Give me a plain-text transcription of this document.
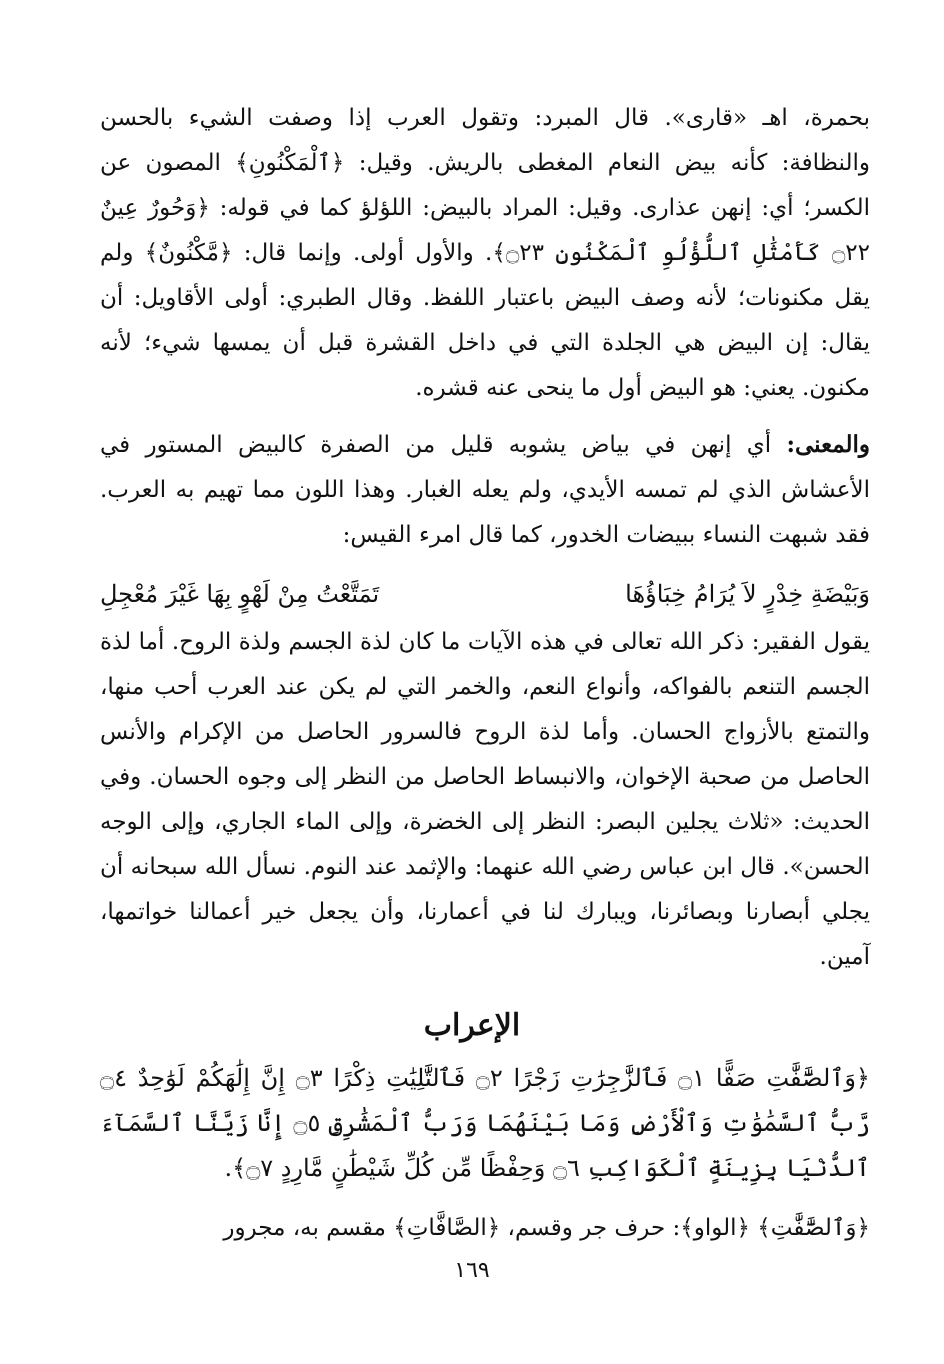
بحمرة، اهـ «قارى». قال المبرد: وتقول العرب إذا وصفت الشيء بالحسن والنظافة: كأنه بيض النعام المغطى بالريش. وقيل: ﴿ٱلْمَكْنُونِ﴾ المصون عن الكسر؛ أي: إنهن عذارى. وقيل: المراد بالبيض: اللؤلؤ كما في قوله: ﴿وَحُورٌ عِينٌ ۝٢٢ كَأَمْثَٰلِ ٱللُّؤْلُوِ ٱلْمَكْنُونِ ۝٢٣﴾. والأول أولى. وإنما قال: ﴿مَّكْنُونٌ﴾ ولم يقل مكنونات؛ لأنه وصف البيض باعتبار اللفظ. وقال الطبري: أولى الأقاويل: أن يقال: إن البيض هي الجلدة التي في داخل القشرة قبل أن يمسها شيء؛ لأنه مكنون. يعني: هو البيض أول ما ينحى عنه قشره.

والمعنى: أي إنهن في بياض يشوبه قليل من الصفرة كالبيض المستور في الأعشاش الذي لم تمسه الأيدي، ولم يعله الغبار. وهذا اللون مما تهيم به العرب. فقد شبهت النساء ببيضات الخدور، كما قال امرء القيس:

وَبَيْضَةِ خِدْرٍ لاَ يُرَامُ خِبَاؤُهَا
تَمَتَّعْتُ مِنْ لَهْوٍ بِهَا غَيْرَ مُعْجِلِ

يقول الفقير: ذكر الله تعالى في هذه الآيات ما كان لذة الجسم ولذة الروح. أما لذة الجسم التنعم بالفواكه، وأنواع النعم، والخمر التي لم يكن عند العرب أحب منها، والتمتع بالأزواج الحسان. وأما لذة الروح فالسرور الحاصل من الإكرام والأنس الحاصل من صحبة الإخوان، والانبساط الحاصل من النظر إلى وجوه الحسان. وفي الحديث: «ثلاث يجلين البصر: النظر إلى الخضرة، وإلى الماء الجاري، وإلى الوجه الحسن». قال ابن عباس رضي الله عنهما: والإثمد عند النوم. نسأل الله سبحانه أن يجلي أبصارنا وبصائرنا، ويبارك لنا في أعمارنا، وأن يجعل خير أعمالنا خواتمها، آمين.

الإعراب

﴿وَٱلصَّٰٓفَّٰتِ صَفًّا ۝١ فَٱلزَّٰجِرَٰتِ زَجْرًا ۝٢ فَٱلتَّٰلِيَٰتِ ذِكْرًا ۝٣ إِنَّ إِلَٰهَكُمْ لَوَٰحِدٌ ۝٤ رَّبُّ ٱلسَّمَٰوَٰتِ وَٱلْأَرْضِ وَمَا بَيْنَهُمَا وَرَبُّ ٱلْمَشَٰرِقِ ۝٥ إِنَّا زَيَّنَّا ٱلسَّمَآءَ ٱلدُّنْيَا بِزِينَةٍ ٱلْكَوَاكِبِ ۝٦ وَحِفْظًا مِّن كُلِّ شَيْطَٰنٍ مَّارِدٍ ۝٧﴾.

﴿وَٱلصَّٰٓفَّٰتِ﴾ ﴿الواو﴾: حرف جر وقسم، ﴿الصَّافَّاتِ﴾ مقسم به، مجرور

١٦٩
